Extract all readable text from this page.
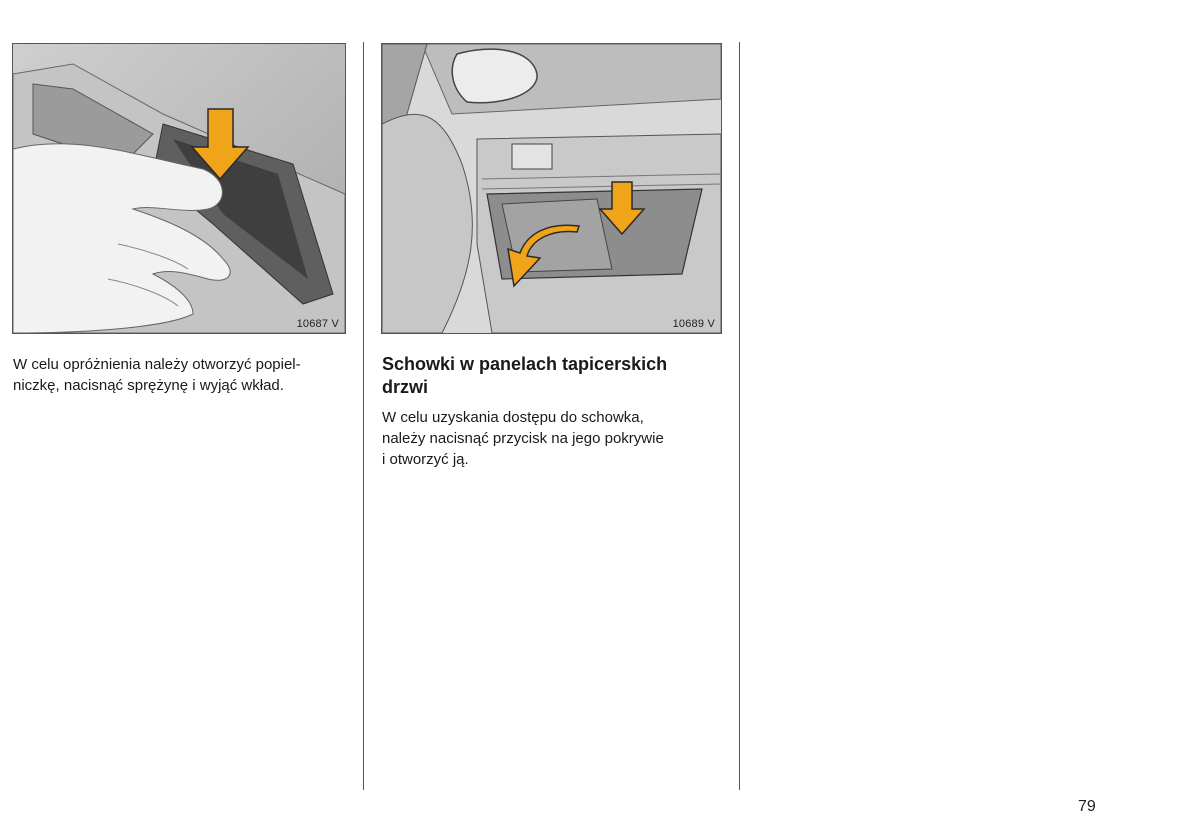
10687 V	10689 V

W celu opróżnienia należy otworzyć popiel-
niczkę, nacisnąć sprężynę i wyjąć wkład.

Schowki w panelach tapicerskich
drzwi

W celu uzyskania dostępu do schowka,
należy nacisnąć przycisk na jego pokrywie
i otworzyć ją.

79
